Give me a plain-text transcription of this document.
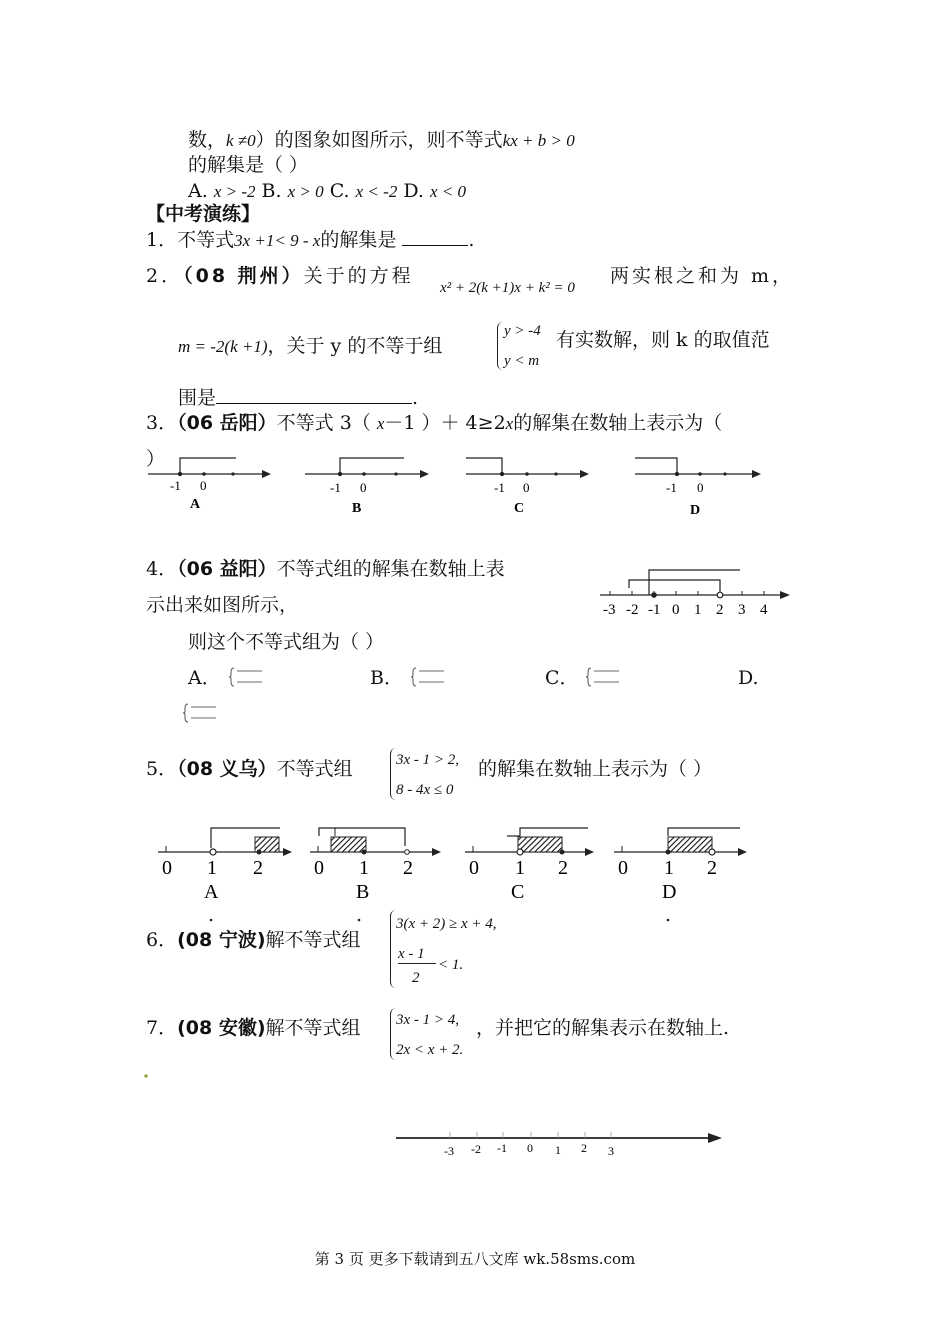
数，k ≠0）的图象如图所示，则不等式kx + b > 0
的解集是（ ）
A. x > -2 B. x > 0 C. x < -2 D. x < 0
【中考演练】
1．不等式3x +1< 9 - x的解集是	.
2．（08 荆州）关于的方程
x² + 2(k +1)x + k² = 0
两实根之和为 m，
m = -2(k +1)，关于 y 的不等于组
y > -4
y < m
有实数解，则 k 的取值范
围是	.
3．（06 岳阳）不等式 3（ x－1 ）＋ 4≥2x的解集在数轴上表示为（
）
-1 0
A
-1 0
B
-1 0
C
-1 0
D
-3 -2 -1 0 1 2 3 4
0 1 2
A
0 1 2
B
0 1 2
C
0 1 2
D
-3 -2 -1 0 1 2 3
4．（06 益阳）不等式组的解集在数轴上表
示出来如图所示，
则这个不等式组为（ ）
A．	B．	C．	D.
5．（08 义乌）不等式组	3x - 1 > 2,
8 - 4x ≤ 0
的解集在数轴上表示为（ ）
6．(08 宁波)解不等式组
3(x + 2) ≥ x + 4,
x - 1
2
< 1.
7．(08 安徽)解不等式组 3x - 1 > 4,
2x < x + 2.
，并把它的解集表示在数轴上.
第 3 页 更多下载请到五八文库 wk.58sms.com
